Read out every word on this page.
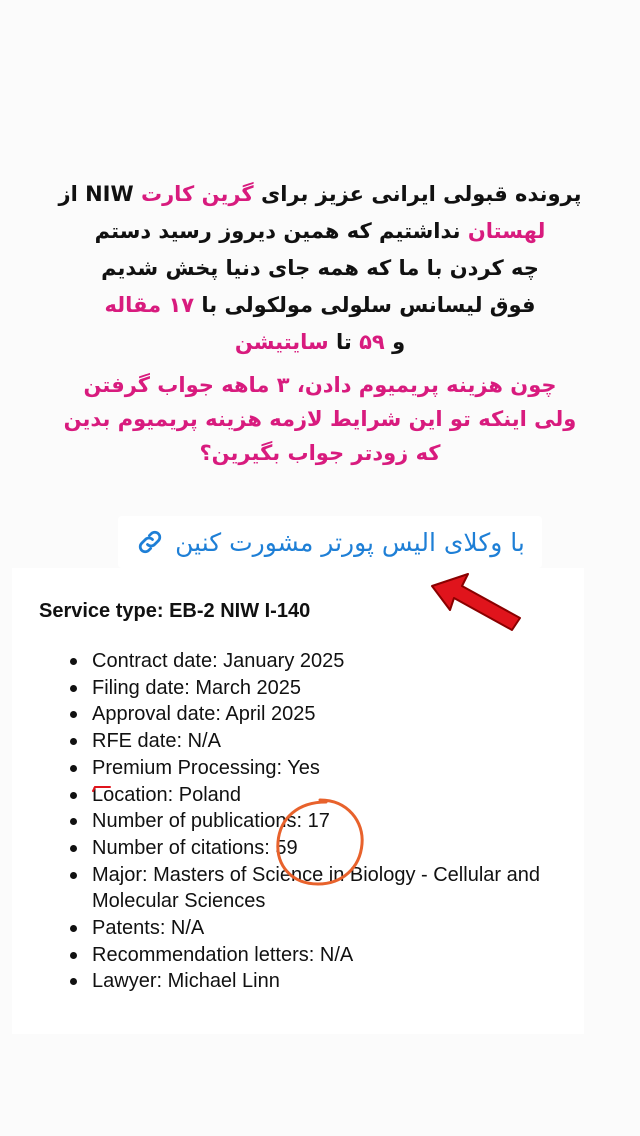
پرونده قبولی ایرانی عزیز برای گرین کارت NIW از
لهستان نداشتیم که همین دیروز رسید دستم
چه کردن با ما که همه جای دنیا پخش شدیم
فوق لیسانس سلولی مولکولی با ۱۷ مقاله
و ۵۹ تا سایتیشن
چون هزینه پریمیوم دادن، ۳ ماهه جواب گرفتن
ولی اینکه تو این شرایط لازمه هزینه پریمیوم بدین
که زودتر جواب بگیرین؟
با وکلای الیس پورتر مشورت کنین
Service type: EB-2 NIW I-140
Contract date: January 2025
Filing date: March 2025
Approval date: April 2025
RFE date: N/A
Premium Processing: Yes
Location: Poland
Number of publications: 17
Number of citations: 59
Major: Masters of Science in Biology - Cellular and Molecular Sciences
Patents: N/A
Recommendation letters: N/A
Lawyer: Michael Linn
